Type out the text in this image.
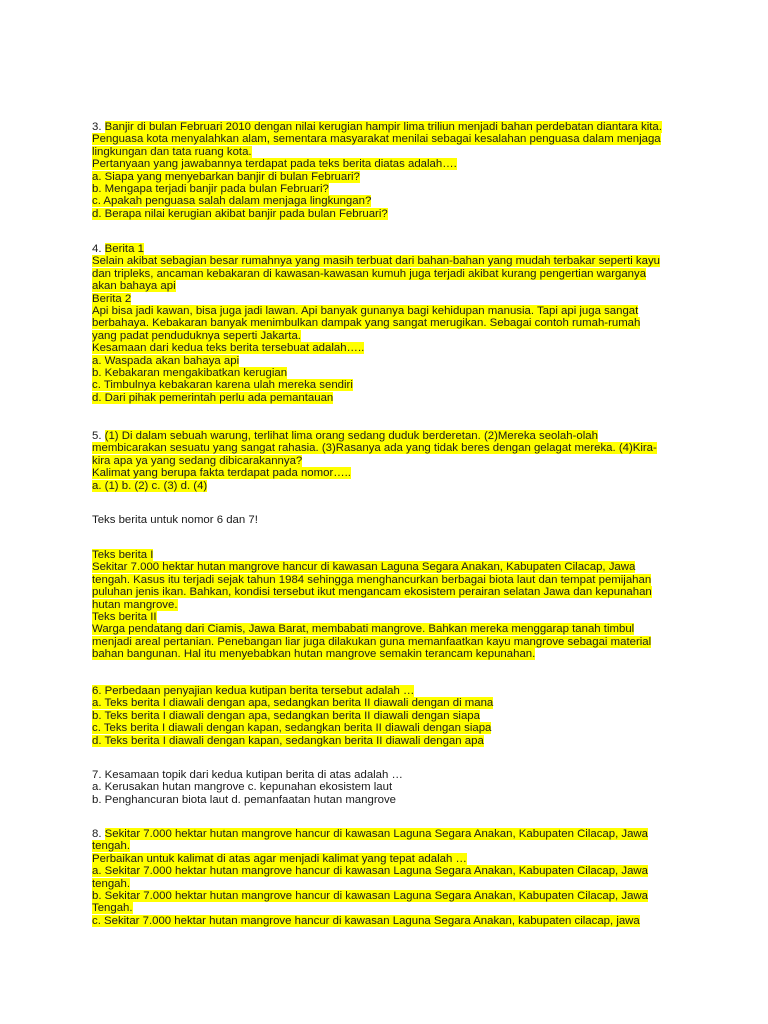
3. Banjir di bulan Februari 2010 dengan nilai kerugian hampir lima triliun menjadi bahan perdebatan diantara kita.
Penguasa kota menyalahkan alam, sementara masyarakat menilai sebagai kesalahan penguasa dalam menjaga
lingkungan dan tata ruang kota.
Pertanyaan yang jawabannya terdapat pada teks berita diatas adalah….
a. Siapa yang menyebarkan banjir di bulan Februari?
b. Mengapa terjadi banjir pada bulan Februari?
c. Apakah penguasa salah dalam menjaga lingkungan?
d. Berapa nilai kerugian akibat banjir pada bulan Februari?
4. Berita 1
Selain akibat sebagian besar rumahnya yang masih terbuat dari bahan-bahan yang mudah terbakar seperti kayu
dan tripleks, ancaman kebakaran di kawasan-kawasan kumuh juga terjadi akibat kurang pengertian warganya
akan bahaya api
Berita 2
Api bisa jadi kawan, bisa juga jadi lawan. Api banyak gunanya bagi kehidupan manusia. Tapi api juga sangat
berbahaya. Kebakaran banyak menimbulkan dampak yang sangat merugikan. Sebagai contoh rumah-rumah
yang padat penduduknya seperti Jakarta.
Kesamaan dari kedua teks berita tersebuat adalah…..
a. Waspada akan bahaya api
b. Kebakaran mengakibatkan kerugian
c. Timbulnya kebakaran karena ulah mereka sendiri
d. Dari pihak pemerintah perlu ada pemantauan
5. (1) Di dalam sebuah warung, terlihat lima orang sedang duduk berderetan. (2)Mereka seolah-olah
membicarakan sesuatu yang sangat rahasia. (3)Rasanya ada yang tidak beres dengan gelagat mereka. (4)Kira-
kira apa ya yang sedang dibicarakannya?
Kalimat yang berupa fakta terdapat pada nomor…..
a. (1) b. (2) c. (3) d. (4)
Teks berita untuk nomor 6 dan 7!
Teks berita I
Sekitar 7.000 hektar hutan mangrove hancur di kawasan Laguna Segara Anakan, Kabupaten Cilacap, Jawa
tengah. Kasus itu terjadi sejak tahun 1984 sehingga menghancurkan berbagai biota laut dan tempat pemijahan
puluhan jenis ikan. Bahkan, kondisi tersebut ikut mengancam ekosistem perairan selatan Jawa dan kepunahan
hutan mangrove.
Teks berita II
Warga pendatang dari Ciamis, Jawa Barat, membabati mangrove. Bahkan mereka menggarap tanah timbul
menjadi areal pertanian. Penebangan liar juga dilakukan guna memanfaatkan kayu mangrove sebagai material
bahan bangunan. Hal itu menyebabkan hutan mangrove semakin terancam kepunahan.
6. Perbedaan penyajian kedua kutipan berita tersebut adalah …
a. Teks berita I diawali dengan apa, sedangkan berita II diawali dengan di mana
b. Teks berita I diawali dengan apa, sedangkan berita II diawali dengan siapa
c. Teks berita I diawali dengan kapan, sedangkan berita II diawali dengan siapa
d. Teks berita I diawali dengan kapan, sedangkan berita II diawali dengan apa
7. Kesamaan topik dari kedua kutipan berita di atas adalah …
a. Kerusakan hutan mangrove c. kepunahan ekosistem laut
b. Penghancuran biota laut d. pemanfaatan hutan mangrove
8. Sekitar 7.000 hektar hutan mangrove hancur di kawasan Laguna Segara Anakan, Kabupaten Cilacap, Jawa
tengah.
Perbaikan untuk kalimat di atas agar menjadi kalimat yang tepat adalah …
a. Sekitar 7.000 hektar hutan mangrove hancur di kawasan Laguna Segara Anakan, Kabupaten Cilacap, Jawa
tengah.
b. Sekitar 7.000 hektar hutan mangrove hancur di kawasan Laguna Segara Anakan, Kabupaten Cilacap, Jawa
Tengah.
c. Sekitar 7.000 hektar hutan mangrove hancur di kawasan Laguna Segara Anakan, kabupaten cilacap, jawa
